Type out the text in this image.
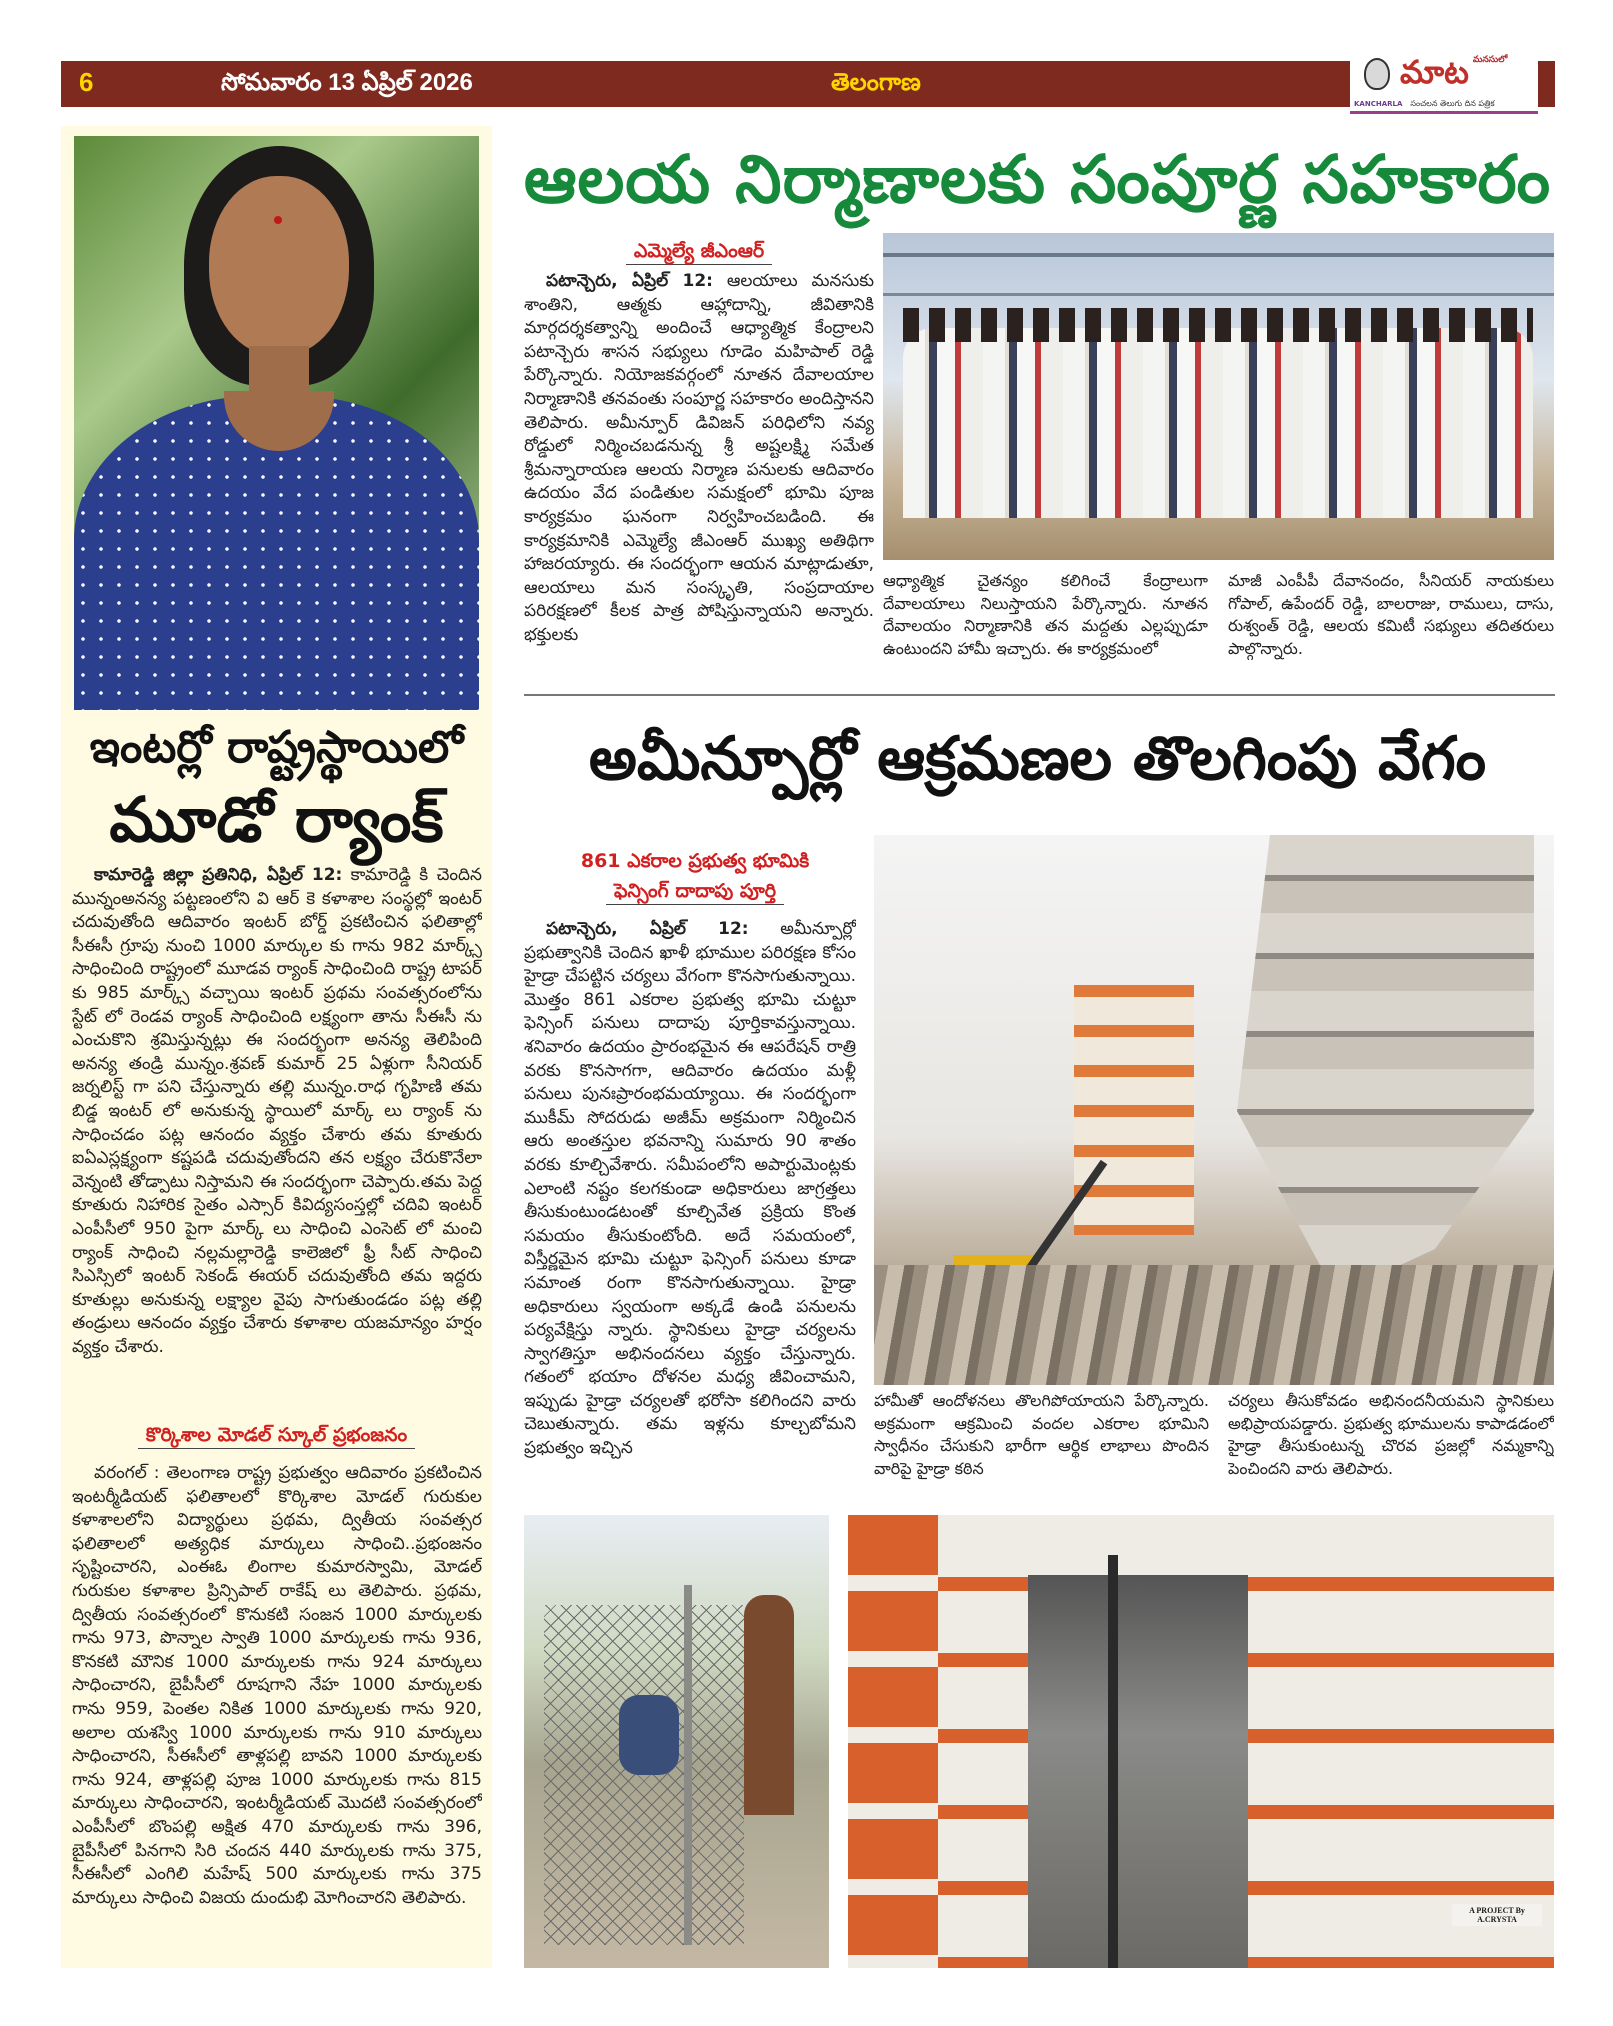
6	సోమవారం 13 ఏప్రిల్ 2026	తెలంగాణ	మాట మనసులో
KANCHARLA సంచలన తెలుగు దిన పత్రిక
ఇంటర్లో రాష్ట్రస్థాయిలో
మూడో ర్యాంక్
కామారెడ్డి జిల్లా ప్రతినిధి, ఏప్రిల్ 12: కామారెడ్డి కి చెందిన మున్నంఅనన్య పట్టణంలోని వి ఆర్ కె కళాశాల సంస్థల్లో ఇంటర్ చదువుతోంది ఆదివారం ఇంటర్ బోర్డ్ ప్రకటించిన ఫలితాల్లో సీఈసీ గ్రూపు నుంచి 1000 మార్కుల కు గాను 982 మార్క్స్ సాధించింది రాష్ట్రంలో మూడవ ర్యాంక్ సాధించింది రాష్ట్ర టాపర్ కు 985 మార్క్స్ వచ్చాయి ఇంటర్ ప్రథమ సంవత్సరంలోను స్టేట్ లో రెండవ ర్యాంక్ సాధించింది లక్ష్యంగా తాను సీఈసీ ను ఎంచుకొని శ్రమిస్తున్నట్లు ఈ సందర్భంగా అనన్య తెలిపింది అనన్య తండ్రి మున్నం.శ్రవణ్ కుమార్ 25 ఏళ్లుగా సీనియర్ జర్నలిస్ట్ గా పని చేస్తున్నారు తల్లి మున్నం.రాధ గృహిణి తమ బిడ్డ ఇంటర్ లో అనుకున్న స్థాయిలో మార్క్ లు ర్యాంక్ ను సాధించడం పట్ల ఆనందం వ్యక్తం చేశారు తమ కూతురు ఐఏఎస్లక్ష్యంగా కష్టపడి చదువుతోందని తన లక్ష్యం చేరుకొనేలా వెన్నంటి తోడ్పాటు నిస్తామని ఈ సందర్భంగా చెప్పారు.తమ పెద్ద కూతురు నిహారిక సైతం ఎస్సార్ కివిద్యసంస్తల్లో చదివి ఇంటర్ ఎంపీసీలో 950 పైగా మార్క్ లు సాధించి ఎంసెట్ లో మంచి ర్యాంక్ సాధించి నల్లమల్లారెడ్డి కాలెజిలో ఫ్రీ సీట్ సాధించి సిఎస్సిలో ఇంటర్ సెకండ్ ఈయర్ చదువుతోంది తమ ఇద్దరు కూతుల్లు అనుకున్న లక్ష్యాల వైపు సాగుతుండడం పట్ల తల్లి తండ్రులు ఆనందం వ్యక్తం చేశారు కళాశాల యజమాన్యం హర్షం వ్యక్తం చేశారు.
కొర్కిశాల మోడల్ స్కూల్ ప్రభంజనం
వరంగల్ : తెలంగాణ రాష్ట్ర ప్రభుత్వం ఆదివారం ప్రకటించిన ఇంటర్మీడియట్ ఫలితాలలో కొర్కిశాల మోడల్ గురుకుల కళాశాలలోని విద్యార్థులు ప్రథమ, ద్వితీయ సంవత్సర ఫలితాలలో అత్యధిక మార్కులు సాధించి..ప్రభంజనం సృష్టించారని, ఎంఈఓ లింగాల కుమారస్వామి, మోడల్ గురుకుల కళాశాల ప్రిన్సిపాల్ రాకేష్ లు తెలిపారు. ప్రథమ, ద్వితీయ సంవత్సరంలో కొనుకటి సంజన 1000 మార్కులకు గాను 973, పొన్నాల స్వాతి 1000 మార్కులకు గాను 936, కొనకటి మౌనిక 1000 మార్కులకు గాను 924 మార్కులు సాధించారని, బైపీసీలో రూషగాని నేహ 1000 మార్కులకు గాను 959, పెంతల నికిత 1000 మార్కులకు గాను 920, అలాల యశస్వి 1000 మార్కులకు గాను 910 మార్కులు సాధించారని, సీఈసీలో తాళ్లపల్లి బావని 1000 మార్కులకు గాను 924, తాళ్లపల్లి పూజ 1000 మార్కులకు గాను 815 మార్కులు సాధించారని, ఇంటర్మీడియట్ మొదటి సంవత్సరంలో ఎంపీసీలో బొంపల్లి అక్షిత 470 మార్కులకు గాను 396, బైపీసీలో పినగాని సిరి చందన 440 మార్కులకు గాను 375, సీఈసీలో ఎంగిలి మహేష్ 500 మార్కులకు గాను 375 మార్కులు సాధించి విజయ దుందుభి మోగించారని తెలిపారు.
ఆలయ నిర్మాణాలకు సంపూర్ణ సహకారం
ఎమ్మెల్యే జీఎంఆర్
పటాన్చెరు, ఏప్రిల్ 12: ఆలయాలు మనసుకు శాంతిని, ఆత్మకు ఆహ్లాదాన్ని, జీవితానికి మార్గదర్శకత్వాన్ని అందించే ఆధ్యాత్మిక కేంద్రాలని పటాన్చెరు శాసన సభ్యులు గూడెం మహిపాల్ రెడ్డి పేర్కొన్నారు. నియోజకవర్గంలో నూతన దేవాలయాల నిర్మాణానికి తనవంతు సంపూర్ణ సహకారం అందిస్తానని తెలిపారు. అమీన్పూర్ డివిజన్ పరిధిలోని నవ్య రోడ్డులో నిర్మించబడనున్న శ్రీ అష్టలక్ష్మి సమేత శ్రీమన్నారాయణ ఆలయ నిర్మాణ పనులకు ఆదివారం ఉదయం వేద పండితుల సమక్షంలో భూమి పూజ కార్యక్రమం ఘనంగా నిర్వహించబడింది. ఈ కార్యక్రమానికి ఎమ్మెల్యే జీఎంఆర్ ముఖ్య అతిథిగా హాజరయ్యారు. ఈ సందర్భంగా ఆయన మాట్లాడుతూ, ఆలయాలు మన సంస్కృతి, సంప్రదాయాల పరిరక్షణలో కీలక పాత్ర పోషిస్తున్నాయని అన్నారు. భక్తులకు
ఆధ్యాత్మిక చైతన్యం కలిగించే కేంద్రాలుగా దేవాలయాలు నిలుస్తాయని పేర్కొన్నారు. నూతన దేవాలయం నిర్మాణానికి తన మద్దతు ఎల్లప్పుడూ ఉంటుందని హామీ ఇచ్చారు. ఈ కార్యక్రమంలో
మాజీ ఎంపీపీ దేవానందం, సీనియర్ నాయకులు గోపాల్, ఉపేందర్ రెడ్డి, బాలరాజు, రాములు, దాసు, రుశ్వంత్ రెడ్డి, ఆలయ కమిటీ సభ్యులు తదితరులు పాల్గొన్నారు.
అమీన్పూర్లో ఆక్రమణల తొలగింపు వేగం
861 ఎకరాల ప్రభుత్వ భూమికి
ఫెన్సింగ్ దాదాపు పూర్తి
పటాన్చెరు, ఏప్రిల్ 12: అమీన్పూర్లో ప్రభుత్వానికి చెందిన ఖాళీ భూముల పరిరక్షణ కోసం హైడ్రా చేపట్టిన చర్యలు వేగంగా కొనసాగుతున్నాయి. మొత్తం 861 ఎకరాల ప్రభుత్వ భూమి చుట్టూ ఫెన్సింగ్ పనులు దాదాపు పూర్తికావస్తున్నాయి. శనివారం ఉదయం ప్రారంభమైన ఈ ఆపరేషన్ రాత్రి వరకు కొనసాగగా, ఆదివారం ఉదయం మళ్లీ పనులు పునఃప్రారంభమయ్యాయి. ఈ సందర్భంగా ముకీమ్ సోదరుడు అజీమ్ అక్రమంగా నిర్మించిన ఆరు అంతస్తుల భవనాన్ని సుమారు 90 శాతం వరకు కూల్చివేశారు. సమీపంలోని అపార్టుమెంట్లకు ఎలాంటి నష్టం కలగకుండా అధికారులు జాగ్రత్తలు తీసుకుంటుండటంతో కూల్చివేత ప్రక్రియ కొంత సమయం తీసుకుంటోంది. అదే సమయంలో, విస్తీర్ణమైన భూమి చుట్టూ ఫెన్సింగ్ పనులు కూడా సమాంత రంగా కొనసాగుతున్నాయి. హైడ్రా అధికారులు స్వయంగా అక్కడే ఉండి పనులను పర్యవేక్షిస్తు న్నారు. స్థానికులు హైడ్రా చర్యలను స్వాగతిస్తూ అభినందనలు వ్యక్తం చేస్తున్నారు. గతంలో భయాం దోళనల మధ్య జీవించామని, ఇప్పుడు హైడ్రా చర్యలతో భరోసా కలిగిందని వారు చెబుతున్నారు. తమ ఇళ్లను కూల్చబోమని ప్రభుత్వం ఇచ్చిన
హామీతో ఆందోళనలు తొలగిపోయాయని పేర్కొన్నారు. అక్రమంగా ఆక్రమించి వందల ఎకరాల భూమిని స్వాధీనం చేసుకుని భారీగా ఆర్థిక లాభాలు పొందిన వారిపై హైడ్రా కఠిన
చర్యలు తీసుకోవడం అభినందనీయమని స్థానికులు అభిప్రాయపడ్డారు. ప్రభుత్వ భూములను కాపాడడంలో హైడ్రా తీసుకుంటున్న చొరవ ప్రజల్లో నమ్మకాన్ని పెంచిందని వారు తెలిపారు.
A PROJECT By A.CRYSTA
